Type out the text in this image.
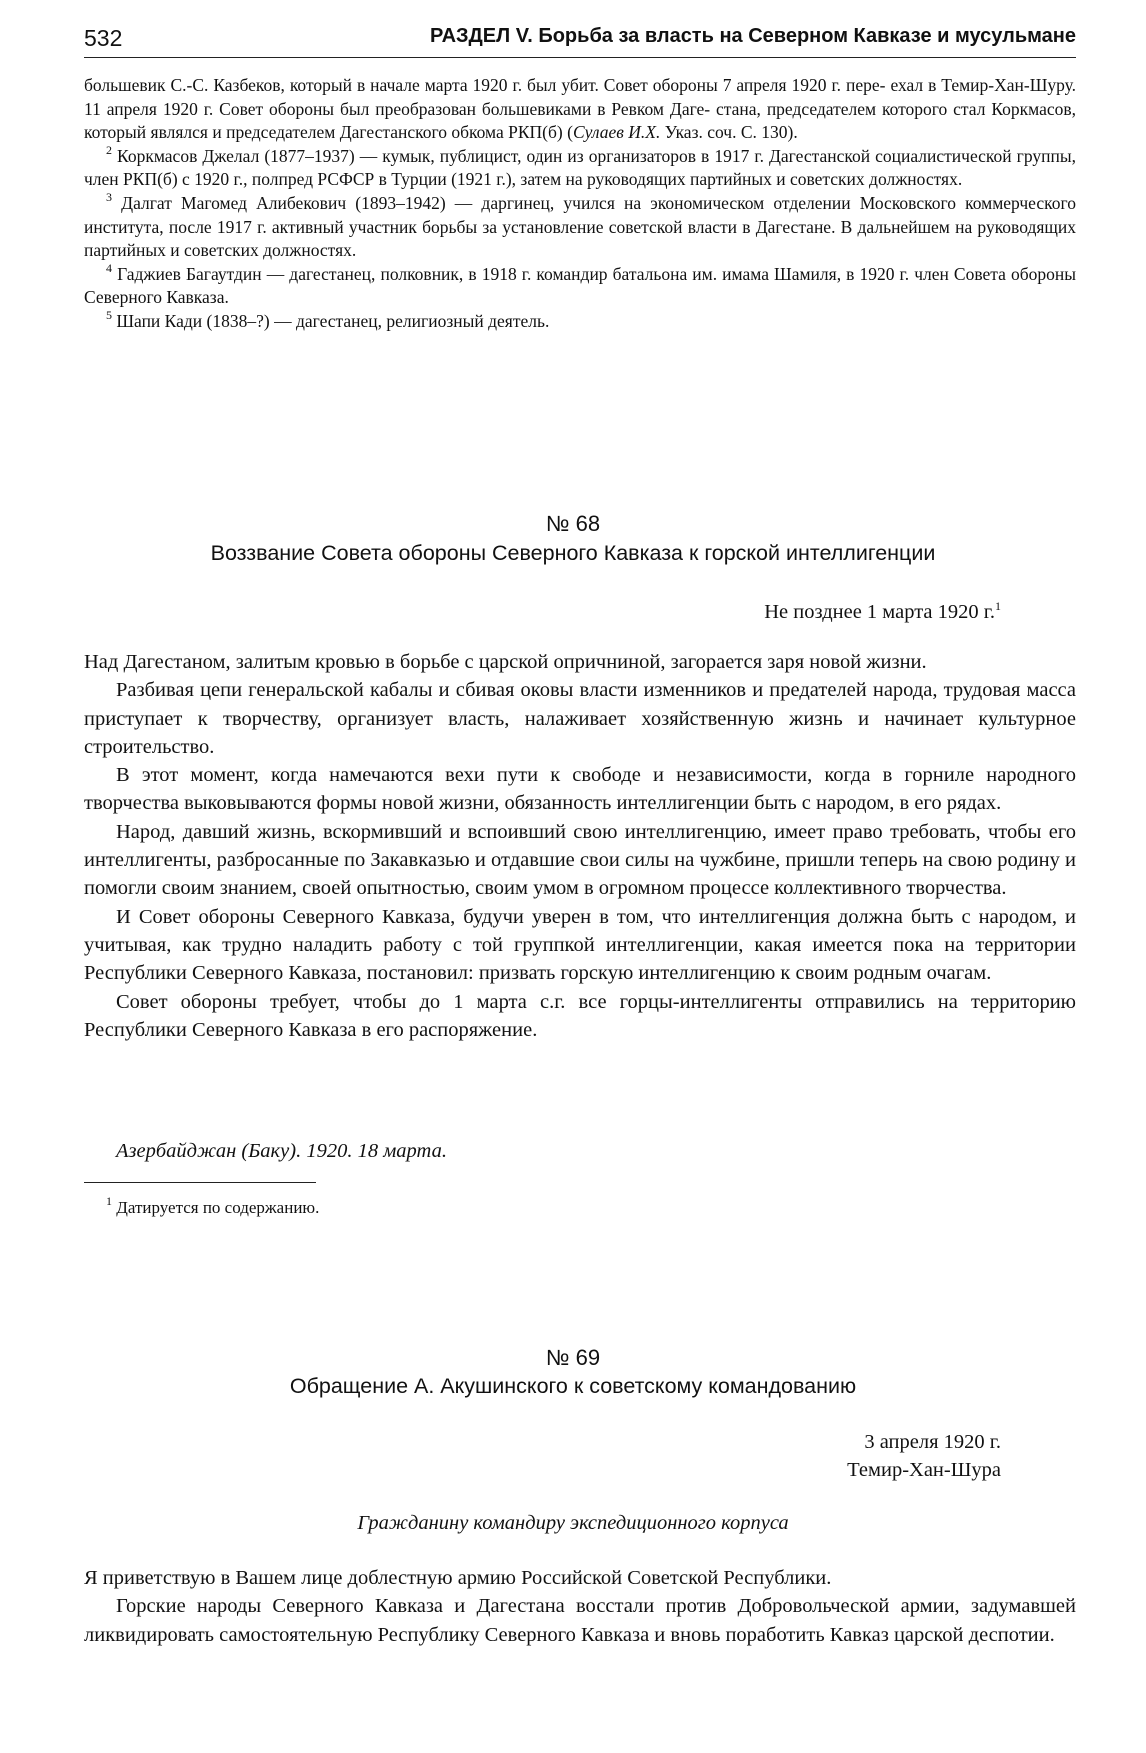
532	РАЗДЕЛ V. Борьба за власть на Северном Кавказе и мусульмане

большевик С.-С. Казбеков, который в начале марта 1920 г. был убит. Совет обороны 7 апреля 1920 г. пере- ехал в Темир-Хан-Шуру. 11 апреля 1920 г. Совет обороны был преобразован большевиками в Ревком Даге- стана, председателем которого стал Коркмасов, который являлся и председателем Дагестанского обкома РКП(б) (Сулаев И.Х. Указ. соч. С. 130).

$^2$ Коркмасов Джелал (1877–1937) — кумык, публицист, один из организаторов в 1917 г. Дагестанской социалистической группы, член РКП(б) с 1920 г., полпред РСФСР в Турции (1921 г.), затем на руководящих партийных и советских должностях.

$^3$ Далгат Магомед Алибекович (1893–1942) — даргинец, учился на экономическом отделении Московского коммерческого института, после 1917 г. активный участник борьбы за установление советской власти в Дагестане. В дальнейшем на руководящих партийных и советских должностях.

$^4$ Гаджиев Багаутдин — дагестанец, полковник, в 1918 г. командир батальона им. имама Шамиля, в 1920 г. член Совета обороны Северного Кавказа.

$^5$ Шапи Кади (1838–?) — дагестанец, религиозный деятель.

№ 68
Воззвание Совета обороны Северного Кавказа к горской интеллигенции
Не позднее 1 марта 1920 г.$^1$

Над Дагестаном, залитым кровью в борьбе с царской опричниной, загорается заря новой жизни.

Разбивая цепи генеральской кабалы и сбивая оковы власти изменников и предателей народа, трудовая масса приступает к творчеству, организует власть, налаживает хозяйственную жизнь и начинает культурное строительство.

В этот момент, когда намечаются вехи пути к свободе и независимости, когда в горниле народного творчества выковываются формы новой жизни, обязанность интеллигенции быть с народом, в его рядах.

Народ, давший жизнь, вскормивший и вспоивший свою интеллигенцию, имеет право требовать, чтобы его интеллигенты, разбросанные по Закавказью и отдавшие свои силы на чужбине, пришли теперь на свою родину и помогли своим знанием, своей опытностью, своим умом в огромном процессе коллективного творчества.

И Совет обороны Северного Кавказа, будучи уверен в том, что интеллигенция должна быть с народом, и учитывая, как трудно наладить работу с той группкой интеллигенции, какая имеется пока на территории Республики Северного Кавказа, постановил: призвать горскую интеллигенцию к своим родным очагам.

Совет обороны требует, чтобы до 1 марта с.г. все горцы-интеллигенты отправились на территорию Республики Северного Кавказа в его распоряжение.

Азербайджан (Баку). 1920. 18 марта.
$^1$ Датируется по содержанию.
№ 69
Обращение А. Акушинского к советскому командованию
3 апреля 1920 г.
Темир-Хан-Шура
Гражданину командиру экспедиционного корпуса

Я приветствую в Вашем лице доблестную армию Российской Советской Республики.

Горские народы Северного Кавказа и Дагестана восстали против Добровольческой армии, задумавшей ликвидировать самостоятельную Республику Северного Кавказа и вновь поработить Кавказ царской деспотии.
